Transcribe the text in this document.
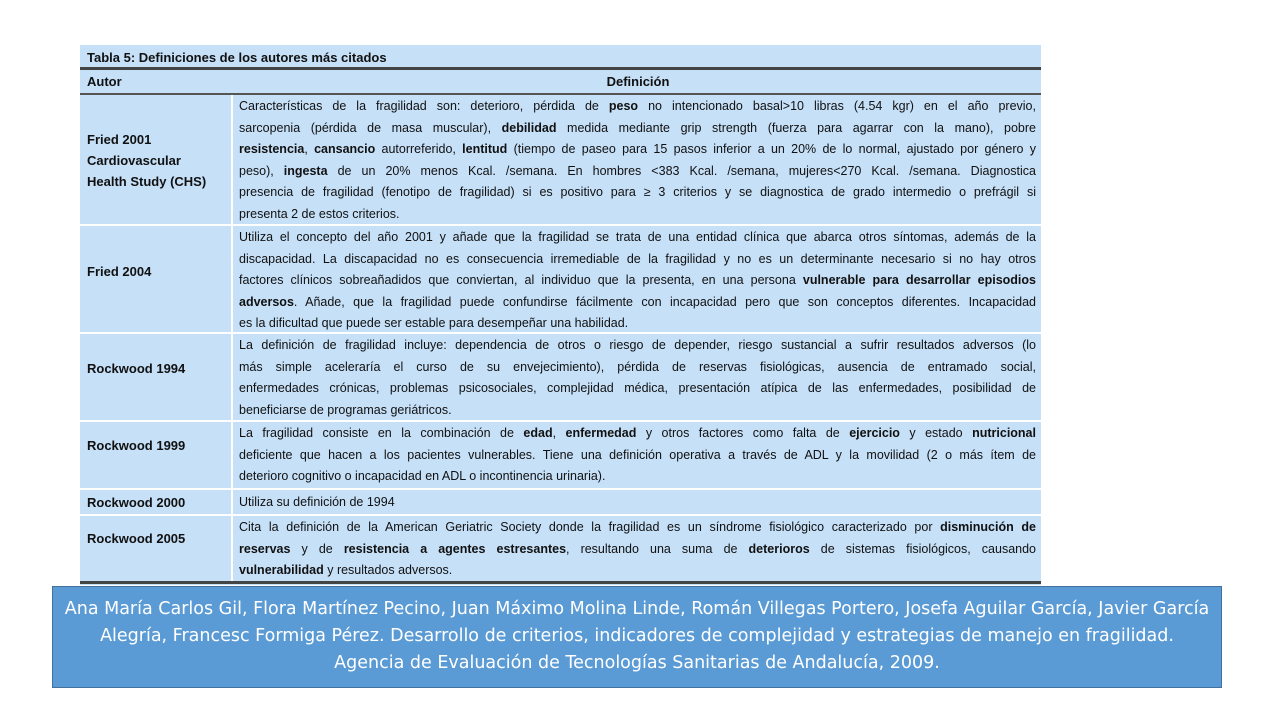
Tabla 5: Definiciones de los autores más citados
Autor	Definición
Fried 2001
Cardiovascular
Health Study (CHS)
Características de la fragilidad son: deterioro, pérdida de peso no intencionado basal>10 libras (4.54 kgr) en el año previo,
sarcopenia (pérdida de masa muscular), debilidad medida mediante grip strength (fuerza para agarrar con la mano), pobre
resistencia, cansancio autorreferido, lentitud (tiempo de paseo para 15 pasos inferior a un 20% de lo normal, ajustado por género y
peso), ingesta de un 20% menos Kcal. /semana. En hombres <383 Kcal. /semana, mujeres<270 Kcal. /semana. Diagnostica
presencia de fragilidad (fenotipo de fragilidad) si es positivo para ≥ 3 criterios y se diagnostica de grado intermedio o prefrágil si
presenta 2 de estos criterios.
Fried 2004
Utiliza el concepto del año 2001 y añade que la fragilidad se trata de una entidad clínica que abarca otros síntomas, además de la
discapacidad. La discapacidad no es consecuencia irremediable de la fragilidad y no es un determinante necesario si no hay otros
factores clínicos sobreañadidos que conviertan, al individuo que la presenta, en una persona vulnerable para desarrollar episodios
adversos. Añade, que la fragilidad puede confundirse fácilmente con incapacidad pero que son conceptos diferentes. Incapacidad
es la dificultad que puede ser estable para desempeñar una habilidad.
Rockwood 1994
La definición de fragilidad incluye: dependencia de otros o riesgo de depender, riesgo sustancial a sufrir resultados adversos (lo
más simple aceleraría el curso de su envejecimiento), pérdida de reservas fisiológicas, ausencia de entramado social,
enfermedades crónicas, problemas psicosociales, complejidad médica, presentación atípica de las enfermedades, posibilidad de
beneficiarse de programas geriátricos.
Rockwood 1999
La fragilidad consiste en la combinación de edad, enfermedad y otros factores como falta de ejercicio y estado nutricional
deficiente que hacen a los pacientes vulnerables. Tiene una definición operativa a través de ADL y la movilidad (2 o más ítem de
deterioro cognitivo o incapacidad en ADL o incontinencia urinaria).
Rockwood 2000	Utiliza su definición de 1994
Rockwood 2005
Cita la definición de la American Geriatric Society donde la fragilidad es un síndrome fisiológico caracterizado por disminución de
reservas y de resistencia a agentes estresantes, resultando una suma de deterioros de sistemas fisiológicos, causando
vulnerabilidad y resultados adversos.
Ana María Carlos Gil, Flora Martínez Pecino, Juan Máximo Molina Linde, Román Villegas Portero, Josefa Aguilar García, Javier García Alegría, Francesc Formiga Pérez. Desarrollo de criterios, indicadores de complejidad y estrategias de manejo en fragilidad. Agencia de Evaluación de Tecnologías Sanitarias de Andalucía, 2009.
